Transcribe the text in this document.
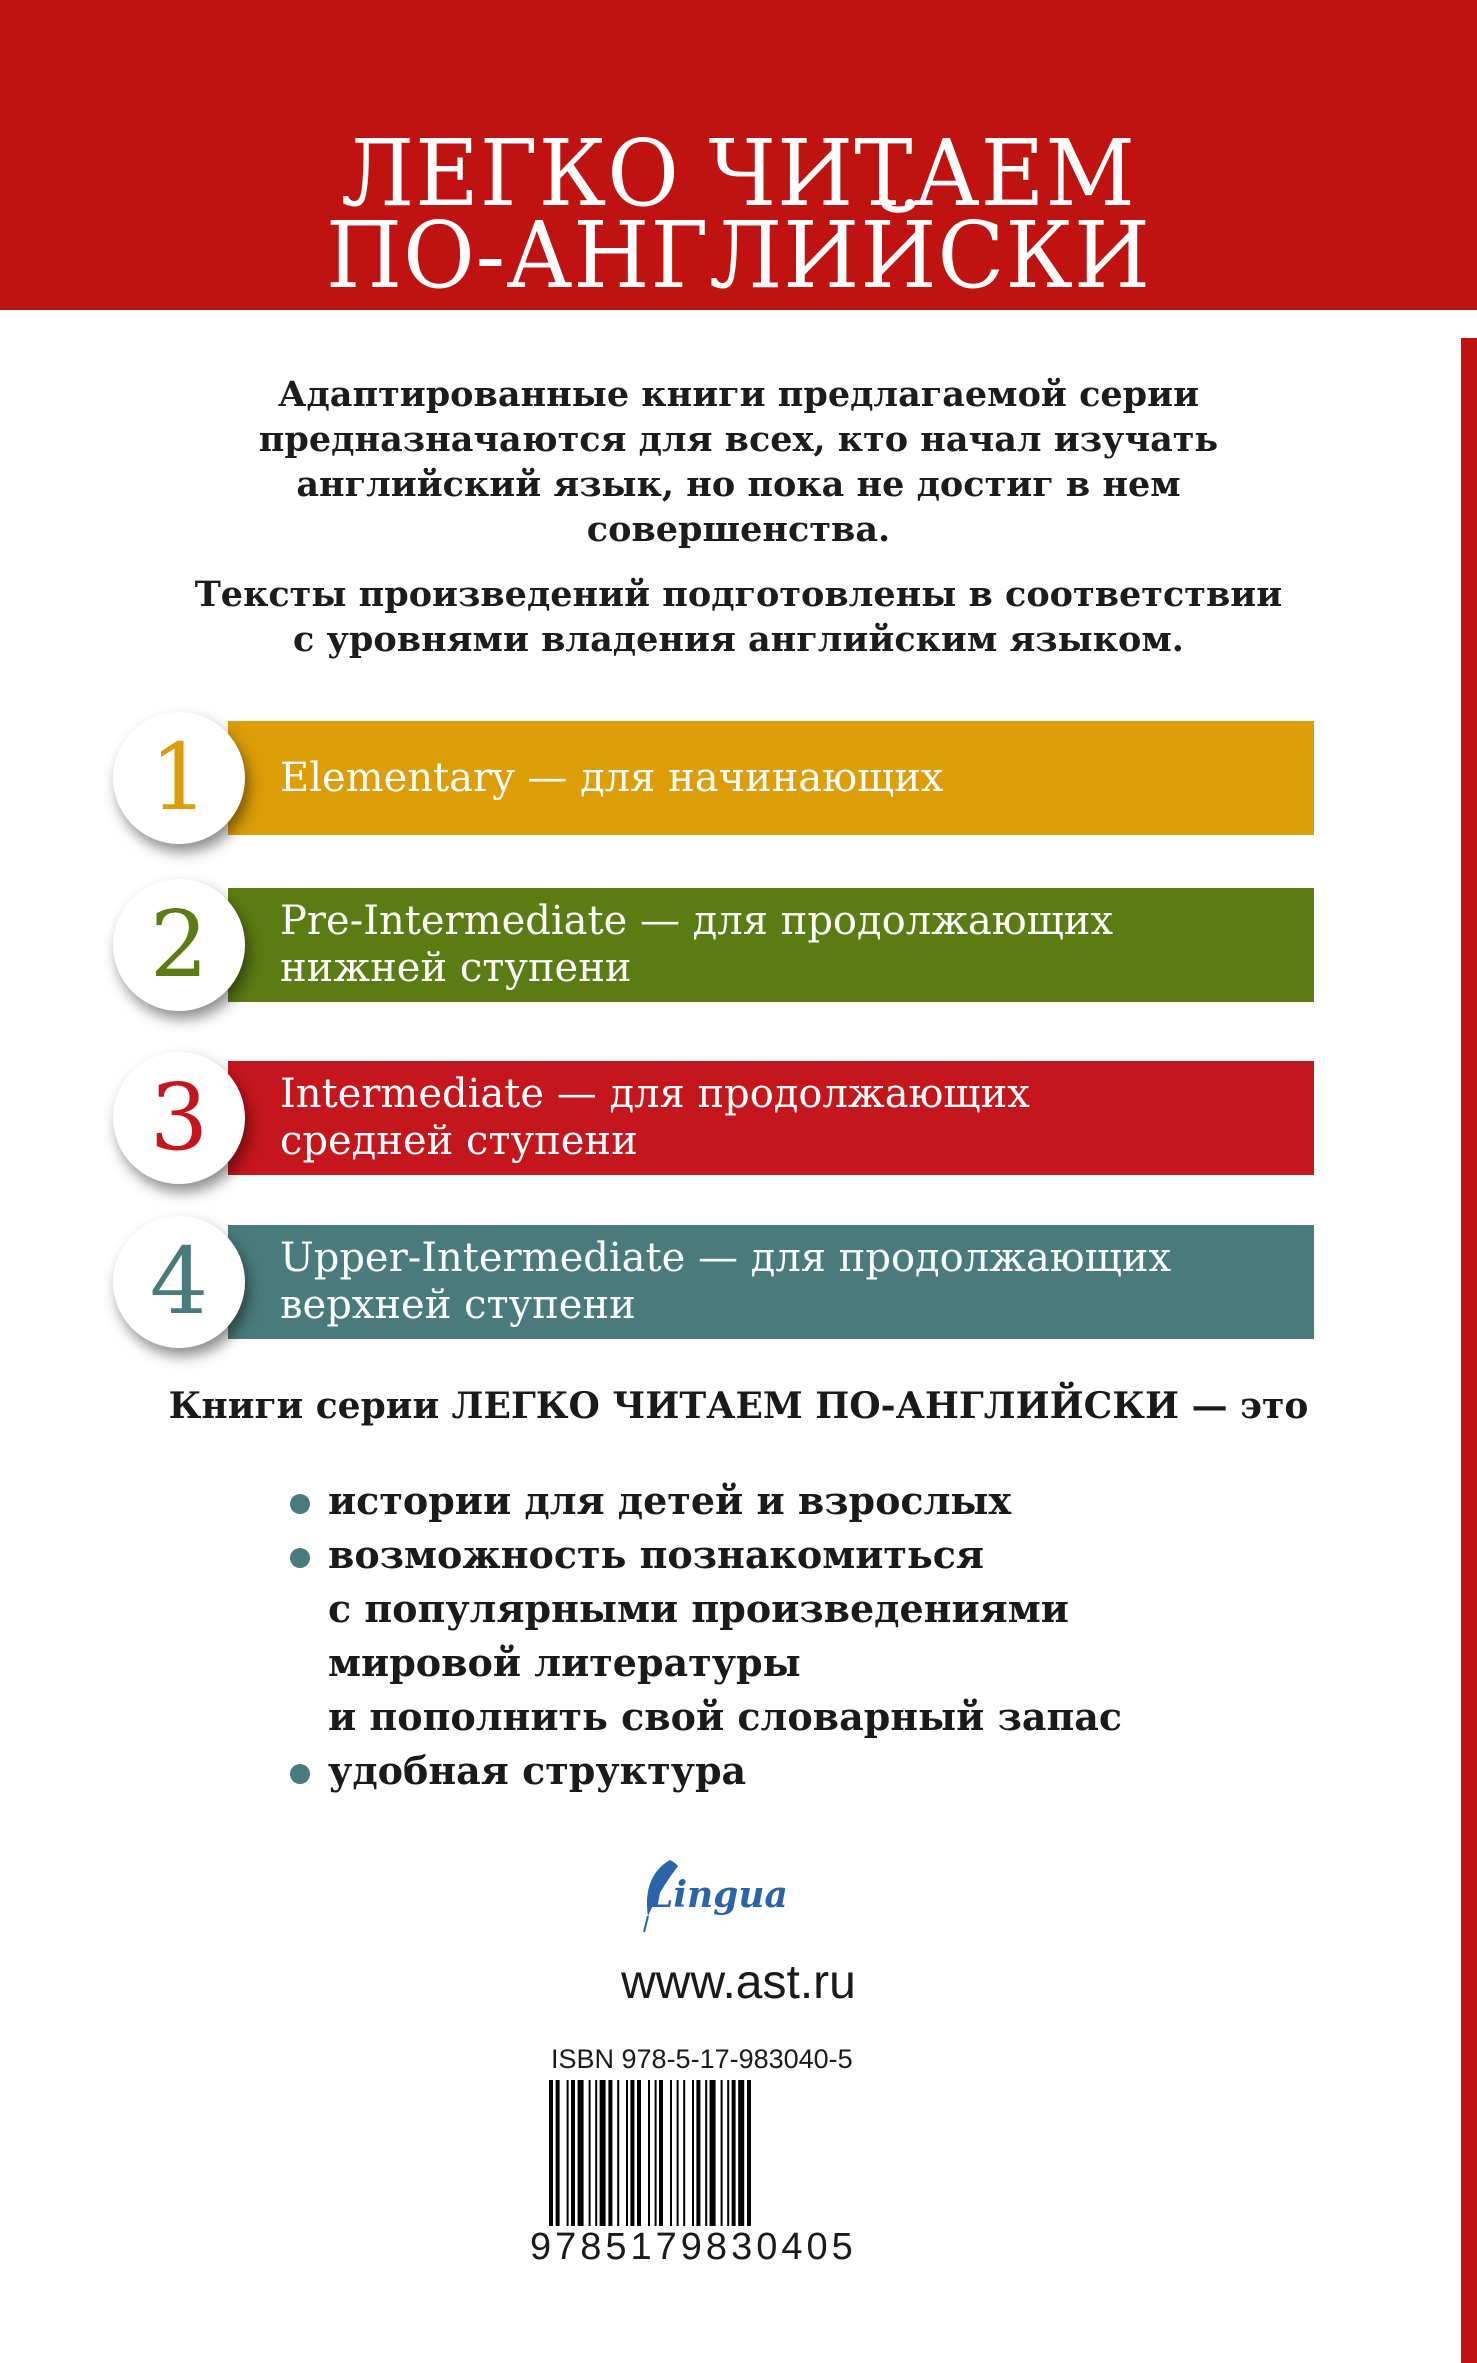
ЛЕГКО ЧИТАЕМ
ПО-АНГЛИЙСКИ
Адаптированные книги предлагаемой серии
предназначаются для всех, кто начал изучать
английский язык, но пока не достиг в нем
совершенства.
Тексты произведений подготовлены в соответствии
с уровнями владения английским языком.
Elementary — для начинающих
1
Pre-Intermediate — для продолжающих
нижней ступени
2
Intermediate — для продолжающих
средней ступени
3
Upper-Intermediate — для продолжающих
верхней ступени
4
Книги серии ЛЕГКО ЧИТАЕМ ПО-АНГЛИЙСКИ — это
истории для детей и взрослых
возможность познакомиться
с популярными произведениями
мировой литературы
и пополнить свой словарный запас
удобная структура
Lingua
www.ast.ru
ISBN 978-5-17-983040-5
9785179830405
